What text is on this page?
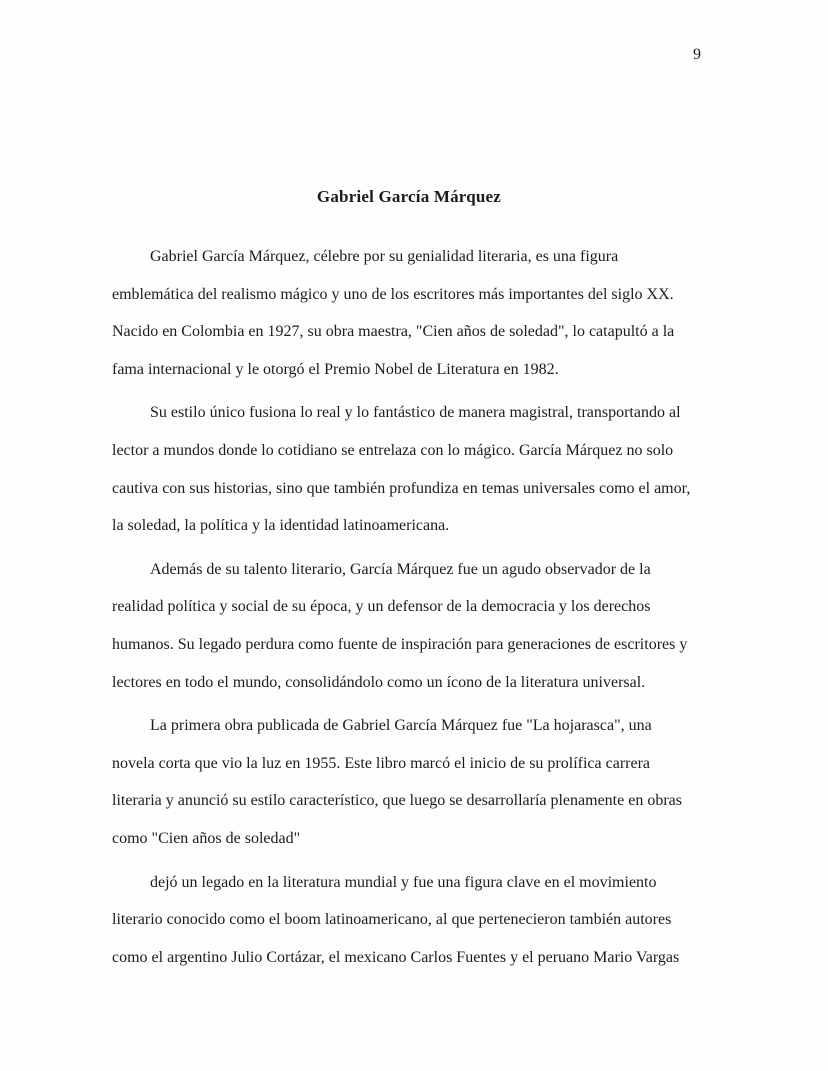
9
Gabriel García Márquez

Gabriel García Márquez, célebre por su genialidad literaria, es una figura
emblemática del realismo mágico y uno de los escritores más importantes del siglo XX.
Nacido en Colombia en 1927, su obra maestra, "Cien años de soledad", lo catapultó a la
fama internacional y le otorgó el Premio Nobel de Literatura en 1982.

Su estilo único fusiona lo real y lo fantástico de manera magistral, transportando al
lector a mundos donde lo cotidiano se entrelaza con lo mágico. García Márquez no solo
cautiva con sus historias, sino que también profundiza en temas universales como el amor,
la soledad, la política y la identidad latinoamericana.

Además de su talento literario, García Márquez fue un agudo observador de la
realidad política y social de su época, y un defensor de la democracia y los derechos
humanos. Su legado perdura como fuente de inspiración para generaciones de escritores y
lectores en todo el mundo, consolidándolo como un ícono de la literatura universal.

La primera obra publicada de Gabriel García Márquez fue "La hojarasca", una
novela corta que vio la luz en 1955. Este libro marcó el inicio de su prolífica carrera
literaria y anunció su estilo característico, que luego se desarrollaría plenamente en obras
como "Cien años de soledad"

dejó un legado en la literatura mundial y fue una figura clave en el movimiento
literario conocido como el boom latinoamericano, al que pertenecieron también autores
como el argentino Julio Cortázar, el mexicano Carlos Fuentes y el peruano Mario Vargas
